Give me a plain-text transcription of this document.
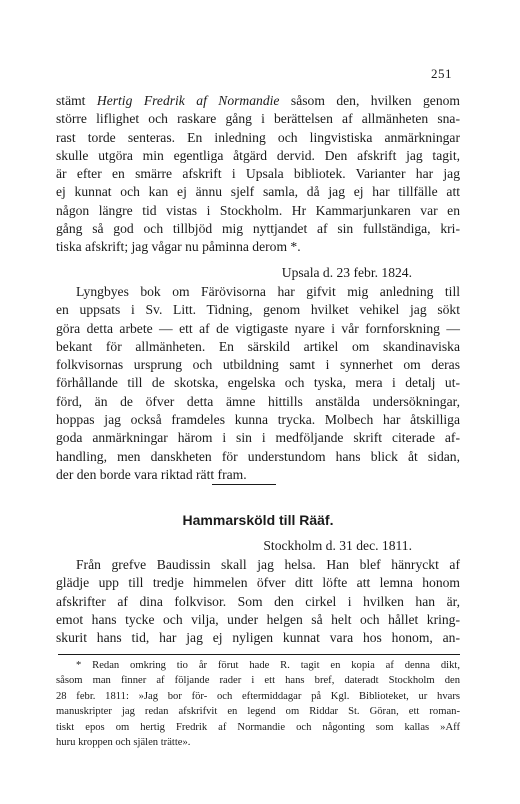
251
stämt Hertig Fredrik af Normandie såsom den, hvilken genom
större liflighet och raskare gång i berättelsen af allmänheten sna-
rast torde senteras. En inledning och lingvistiska anmärkningar
skulle utgöra min egentliga åtgärd dervid. Den afskrift jag tagit,
är efter en smärre afskrift i Upsala bibliotek. Varianter har jag
ej kunnat och kan ej ännu sjelf samla, då jag ej har tillfälle att
någon längre tid vistas i Stockholm. Hr Kammarjunkaren var en
gång så god och tillbjöd mig nyttjandet af sin fullständiga, kri-
tiska afskrift; jag vågar nu påminna derom *.
Upsala d. 23 febr. 1824.
Lyngbyes bok om Färövisorna har gifvit mig anledning till
en uppsats i Sv. Litt. Tidning, genom hvilket vehikel jag sökt
göra detta arbete — ett af de vigtigaste nyare i vår fornforskning —
bekant för allmänheten. En särskild artikel om skandinaviska
folkvisornas ursprung och utbildning samt i synnerhet om deras
förhållande till de skotska, engelska och tyska, mera i detalj ut-
förd, än de öfver detta ämne hittills anstälda undersökningar,
hoppas jag också framdeles kunna trycka. Molbech har åtskilliga
goda anmärkningar härom i sin i medföljande skrift citerade af-
handling, men danskheten för understundom hans blick åt sidan,
der den borde vara riktad rätt fram.
Hammarsköld till Rääf.
Stockholm d. 31 dec. 1811.
Från grefve Baudissin skall jag helsa. Han blef hänryckt af
glädje upp till tredje himmelen öfver ditt löfte att lemna honom
afskrifter af dina folkvisor. Som den cirkel i hvilken han är,
emot hans tycke och vilja, under helgen så helt och hållet kring-
skurit hans tid, har jag ej nyligen kunnat vara hos honom, an-
* Redan omkring tio år förut hade R. tagit en kopia af denna dikt,
såsom man finner af följande rader i ett hans bref, dateradt Stockholm den
28 febr. 1811: »Jag bor för- och eftermiddagar på Kgl. Biblioteket, ur hvars
manuskripter jag redan afskrifvit en legend om Riddar St. Göran, ett roman-
tiskt epos om hertig Fredrik af Normandie och någonting som kallas »Aff
huru kroppen och själen trätte».
